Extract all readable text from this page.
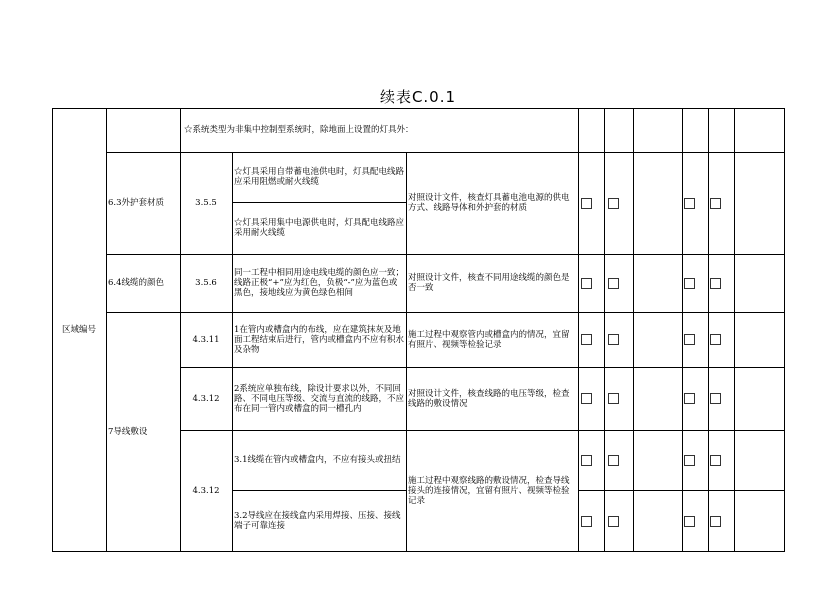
续表C.0.1
☆系统类型为非集中控制型系统时，除地面上设置的灯具外：
区域编号
6.3外护套材质	3.5.5
☆灯具采用自带蓄电池供电时，灯具配电线路应采用阻燃或耐火线缆
☆灯具采用集中电源供电时，灯具配电线路应采用耐火线缆
对照设计文件，核查灯具蓄电池电源的供电方式、线路导体和外护套的材质
6.4线缆的颜色	3.5.6
同一工程中相同用途电线电缆的颜色应一致；线路正极“+”应为红色，负极“-”应为蓝色或黑色，接地线应为黄色绿色相间
对照设计文件，核查不同用途线缆的颜色是否一致
7导线敷设
4.3.11
1在管内或槽盒内的布线，应在建筑抹灰及地面工程结束后进行，管内或槽盒内不应有积水及杂物
施工过程中观察管内或槽盒内的情况，宜留有照片、视频等检验记录
4.3.12
2系统应单独布线，除设计要求以外，不同回路、不同电压等级、交流与直流的线路，不应布在同一管内或槽盒的同一槽孔内
对照设计文件，核查线路的电压等级，检查线路的敷设情况
4.3.12
3.1线缆在管内或槽盒内，不应有接头或扭结
3.2导线应在接线盒内采用焊接、压接、接线端子可靠连接
施工过程中观察线路的敷设情况，检查导线接头的连接情况，宜留有照片、视频等检验记录
